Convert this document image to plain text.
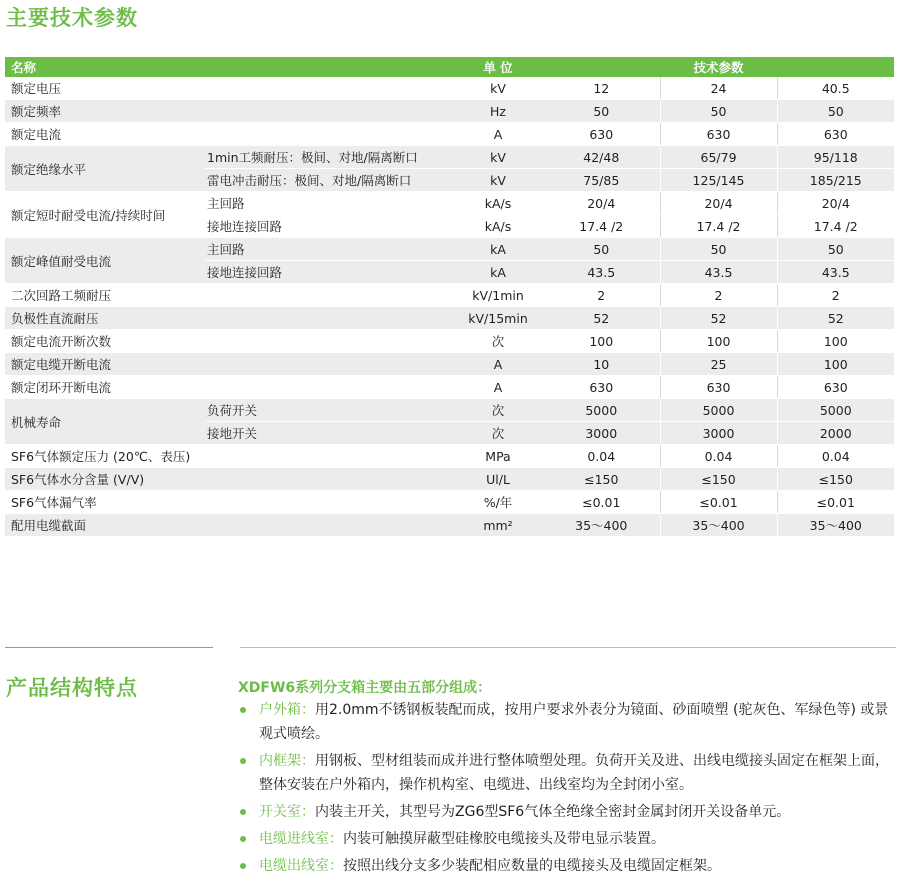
主要技术参数
名称		单 位	技术参数		
额定电压		kV	12	24	40.5
额定频率		Hz	50	50	50
额定电流		A	630	630	630
额定绝缘水平	1min工频耐压：极间、对地/隔离断口	kV	42/48	65/79	95/118
	雷电冲击耐压：极间、对地/隔离断口	kV	75/85	125/145	185/215
额定短时耐受电流/持续时间	主回路	kA/s	20/4	20/4	20/4
	接地连接回路	kA/s	17.4 /2	17.4 /2	17.4 /2
额定峰值耐受电流	主回路	kA	50	50	50
	接地连接回路	kA	43.5	43.5	43.5
二次回路工频耐压		kV/1min	2	2	2
负极性直流耐压		kV/15min	52	52	52
额定电流开断次数		次	100	100	100
额定电缆开断电流		A	10	25	100
额定闭环开断电流		A	630	630	630
机械寿命	负荷开关	次	5000	5000	5000
	接地开关	次	3000	3000	2000
SF6气体额定压力 (20℃、表压)		MPa	0.04	0.04	0.04
SF6气体水分含量 (V/V)		Ul/L	≤150	≤150	≤150
SF6气体漏气率		%/年	≤0.01	≤0.01	≤0.01
配用电缆截面		mm²	35～400	35～400	35～400
产品结构特点	XDFW6系列分支箱主要由五部分组成：

户外箱：用2.0mm不锈钢板装配而成，按用户要求外表分为镜面、砂面喷塑 (驼灰色、军绿色等) 或景观式喷绘。
内框架：用钢板、型材组装而成并进行整体喷塑处理。负荷开关及进、出线电缆接头固定在框架上面，整体安装在户外箱内，操作机构室、电缆进、出线室均为全封闭小室。
开关室：内装主开关，其型号为ZG6型SF6气体全绝缘全密封金属封闭开关设备单元。
电缆进线室：内装可触摸屏蔽型硅橡胶电缆接头及带电显示装置。
电缆出线室：按照出线分支多少装配相应数量的电缆接头及电缆固定框架。
